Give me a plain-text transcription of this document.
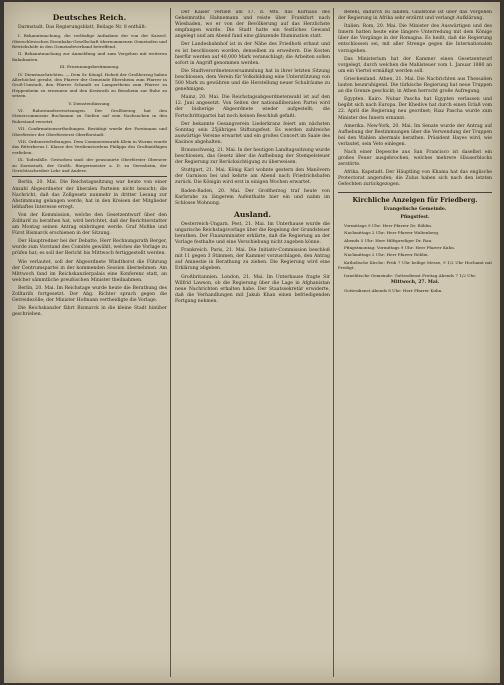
Deutsches Reich.
Darmstadt. Das Regierungsblatt, Beilage Nr. 8 enthält:
I. Bekanntmachung, die vorläufige Aufnahme der von der Kaiserl. Oberschlesischen Eisenbahn-Gesellschaft übernommenen Gemeinden und Betriebshöfe in den Gemeindeverband betreffend.
II. Bekanntmachung zur Anmeldung und zum Vorgehen mit weiteren Bahnbauten.
III. Ernennungsbestimmung.
IV. Dienstnachrichten. — Dem Sr. Königl. Hoheit der Großherzog haben Allerhöchst geruht, den Pfarrer der Gemeinde Ebersheim zum Pfarrer in Groß-Umstadt, den Pfarrer Schmidt zu Lampertheim zum Pfarrer zu Heppenheim zu ernennen und den Kreisrath zu Bensheim zur Ruhe zu setzen.
V. Dienstentlassung.
VI. Ruhestandsversetzungen. Der Großherzog hat den Steuercommissär Buchmann zu Gießen auf sein Nachsuchen in den Ruhestand versetzt.
VII. Confirmationsertheilungen. Bestätigt wurde der Forstmann und Oberförster der Oberförsterei Oberflorstadt.
VIII. Ordensverleihungen. Dem Commerzienrath Klein in Worms wurde das Ritterkreuz I. Klasse des Verdienstordens Philipps des Großmüthigen verliehen.
IX. Todesfälle. Gestorben sind: der pensionirte Oberförster Oberseer zu Darmstadt, der Großh. Bürgermeister a. D. zu Gernsheim, der Gerichtsschreiber Lehr und Andere.
Berlin, 20. Mai. Die Reichstagssitzung war heute von einer Anzahl Abgeordneter der liberalen Parteien nicht besucht; die Nachricht, daß das Zollgesetz nunmehr in dritter Lesung zur Abstimmung gelangen werde, hat in den Kreisen der Mitglieder lebhaftes Interesse erregt.
Von der Kommission, welche den Gesetzentwurf über den Zolltarif zu berathen hat, wird berichtet, daß der Berichterstatter am Montag seinen Antrag einbringen werde. Graf Moltke und Fürst Bismarck erschienen in der Sitzung.
Der Hauptredner bei der Debatte, Herr Rechnungsrath Berger, wurde zum Vorstand des Comités gewählt, welches die Vorlage zu prüfen hat; es soll der Bericht bis Mittwoch fertiggestellt werden.
Wie verlautet, soll der Abgeordnete Windthorst die Führung der Centrumspartei in der kommenden Session übernehmen. Am Mittwoch fand im Reichskanzlerpalais eine Konferenz statt, an welcher sämmtliche preußischen Minister theilnahmen.
Berlin, 20. Mai. Im Reichstage wurde heute die Berathung des Zolltarifs fortgesetzt. Der Abg. Richter sprach gegen die Getreidezölle; der Minister Hofmann vertheidigte die Vorlage.
Die Reichskanzler fährt Bismarck in die kleine Stadt hinüber geschrieben.
Der Kaiser verließ am 17. d. Mts. das Kurhaus des Geheimraths Hahnemann und reiste über Frankfurt nach Wiesbaden, wo er von der Bevölkerung auf das Herzlichste empfangen wurde. Die Stadt hatte ein festliches Gewand angelegt und am Abend fand eine glänzende Illumination statt.
Der Landesbahnhof ist in der Nähe des Friedhofs erbaut und es ist beschlossen worden, denselben zu erweitern. Die Kosten hierfür werden auf 40,000 Mark veranschlagt; die Arbeiten sollen sofort in Angriff genommen werden.
Die Stadtverordnetenversammlung hat in ihrer letzten Sitzung beschlossen, dem Verein für Volksbildung eine Unterstützung von 500 Mark zu gewähren und die Herstellung neuer Schulräume zu genehmigen.
Mainz, 20. Mai. Die Reichstagsabgeordnetenwahl ist auf den 12. Juni angesetzt. Von Seiten der nationalliberalen Partei wird der bisherige Abgeordnete wieder aufgestellt; die Fortschrittspartei hat noch keinen Beschluß gefaßt.
Der bekannte Gesangverein Liederkranz feiert am nächsten Sonntag sein 25jähriges Stiftungsfest. Es werden zahlreiche auswärtige Vereine erwartet und ein großes Concert im Saale des Kasinos abgehalten.
Braunschweig, 21. Mai. In der heutigen Landtagssitzung wurde beschlossen, das Gesetz über die Aufhebung der Stempelsteuer der Regierung zur Berücksichtigung zu überweisen.
Stuttgart, 21. Mai. König Karl wohnte gestern den Manövern der Garnison bei und kehrte am Abend nach Friedrichshafen zurück. Die Königin wird erst in einigen Wochen erwartet.
Baden-Baden, 20. Mai. Der Großherzog traf heute von Karlsruhe zu längerem Aufenthalte hier ein und nahm im Schlosse Wohnung.
Ausland.
Oesterreich-Ungarn. Pest, 21. Mai. Im Unterhause wurde die ungarische Reichstagsvorlage über die Regelung der Grundsteuer berathen. Der Finanzminister erklärte, daß die Regierung an der Vorlage festhalte und eine Verschiebung nicht zugeben könne.
Frankreich. Paris, 21. Mai. Die Initiativ-Commission beschloß mit 11 gegen 3 Stimmen, der Kammer vorzuschlagen, den Antrag auf Amnestie in Berathung zu ziehen. Die Regierung wird eine Erklärung abgeben.
Großbritannien. London, 21. Mai. Im Unterhause fragte Sir Wilfrid Lawson, ob die Regierung über die Lage in Afghanistan neue Nachrichten erhalten habe. Der Staatssekretär erwiderte, daß die Verhandlungen mit Jakub Khan einen befriedigenden Fortgang nehmen.
Befehl, dadurch zu landen. Gladstone ist über das Vorgehen der Regierung in Afrika sehr erzürnt und verlangt Aufklärung.
Italien. Rom, 20. Mai. Die Minister des Auswärtigen und des Innern hatten heute eine längere Unterredung mit dem Könige über die Vorgänge in der Romagna. Es heißt, daß die Regierung entschlossen sei, mit aller Strenge gegen die Internationalen vorzugehen.
Das Ministerium hat der Kammer einen Gesetzentwurf vorgelegt, durch welchen die Mahlsteuer vom 1. Januar 1880 an um ein Viertel ermäßigt werden soll.
Griechenland. Athen, 21. Mai. Die Nachrichten aus Thessalien lauten beunruhigend. Die türkische Regierung hat neue Truppen an die Grenze geschickt; in Athen herrscht große Aufregung.
Egypten. Kairo. Nubar Pascha hat Egypten verlassen und begibt sich nach Europa. Der Khedive hat durch einen Erlaß vom 22. April die Regierung neu geordnet; Riaz Pascha wurde zum Minister des Innern ernannt.
Amerika. New-York, 20. Mai. Im Senate wurde der Antrag auf Aufhebung der Bestimmungen über die Verwendung der Truppen bei den Wahlen abermals berathen. Präsident Hayes wird, wie verlautet, sein Veto einlegen.
Nach einer Depesche aus San Francisco ist daselbst ein großes Feuer ausgebrochen, welches mehrere Häuserblocks zerstörte.
Afrika. Kapstadt. Der Häuptling von Khama hat das englische Protectorat angerufen; die Zulus haben sich nach den letzten Gefechten zurückgezogen.
Kirchliche Anzeigen für Friedberg.
Evangelische Gemeinde.
Pfingstfest.
Vormittags 9 Uhr: Herr Pfarrer Dr. Röhlin.
Nachmittags 2 Uhr: Herr Pfarrer Waltenberg.
Abends 5 Uhr: Herr Hilfsprediger Dr. Rau.
Pfingstmontag: Vormittags 9 Uhr: Herr Pfarrer Kuhn.
Nachmittags 2 Uhr: Herr Pfarrer Röhlin.
Katholische Kirche: Früh 7 Uhr heilige Messe, 9 1/2 Uhr Hochamt mit Predigt.
Israelitische Gemeinde: Gottesdienst Freitag Abends 7 1/2 Uhr.
Mittwoch, 27. Mai.
Gottesdienst Abends 8 Uhr: Herr Pfarrer Kuhn.
